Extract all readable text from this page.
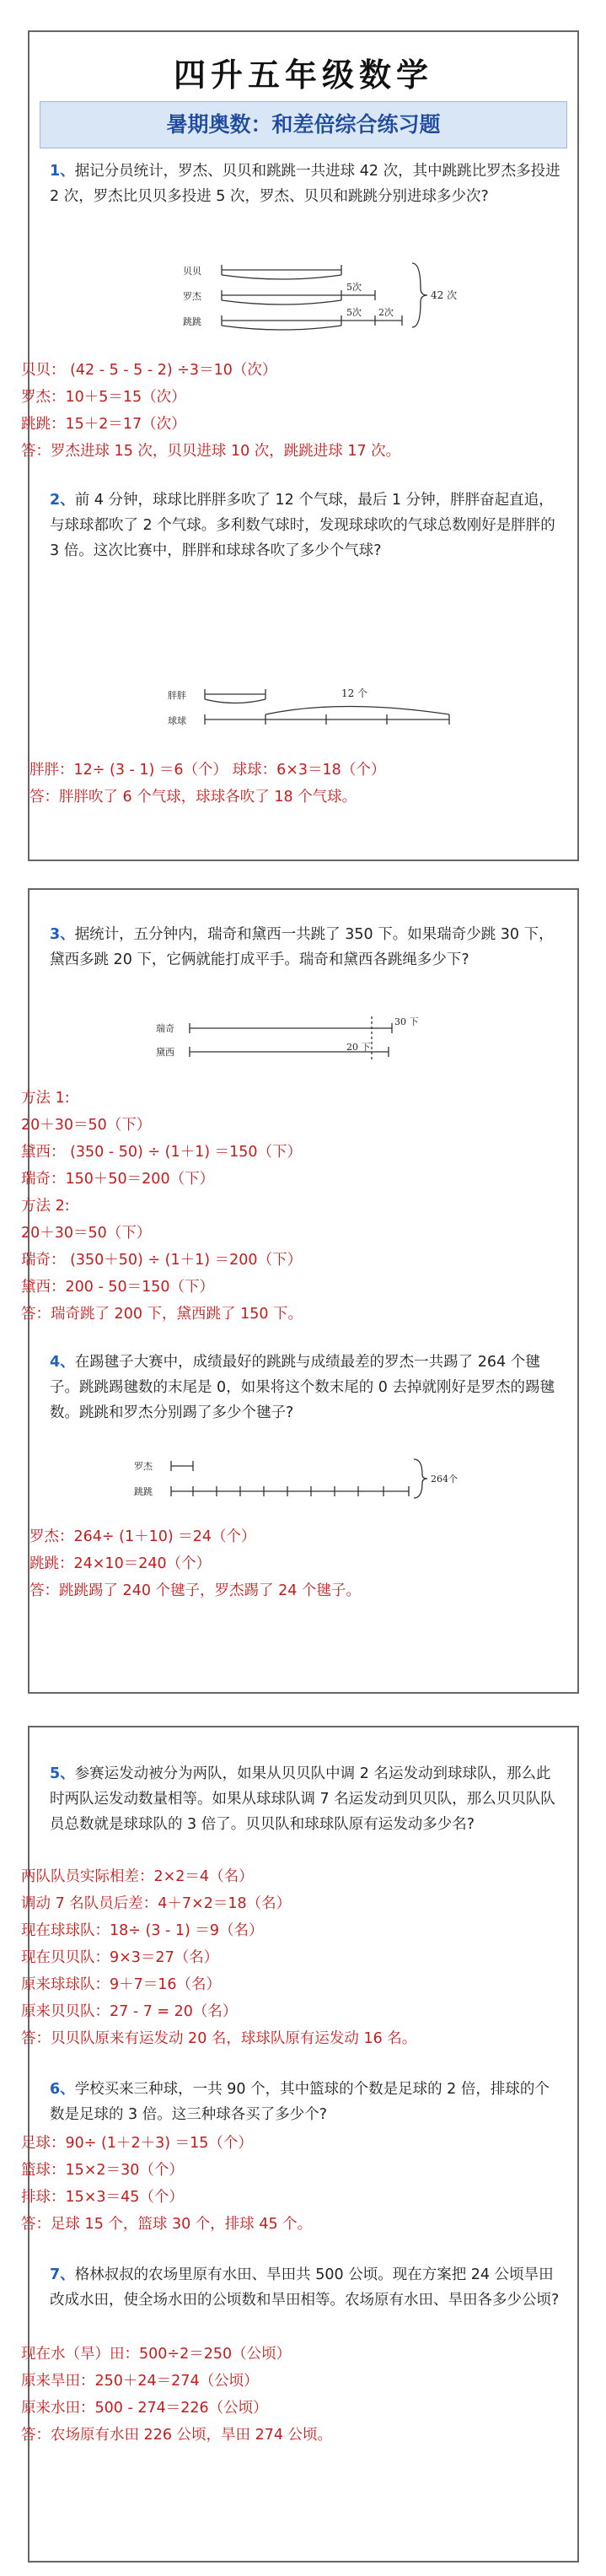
四升五年级数学
暑期奥数：和差倍综合练习题
1、据记分员统计，罗杰、贝贝和跳跳一共进球 42 次，其中跳跳比罗杰多投进 2 次，罗杰比贝贝多投进 5 次，罗杰、贝贝和跳跳分别进球多少次?
贝贝
罗杰
跳跳
5次
5次 2次
42 次
贝贝： (42 - 5 - 5 - 2) ÷3＝10（次）
罗杰：10＋5＝15（次）
跳跳：15＋2＝17（次）
答：罗杰进球 15 次，贝贝进球 10 次，跳跳进球 17 次。
2、前 4 分钟，球球比胖胖多吹了 12 个气球，最后 1 分钟，胖胖奋起直追，与球球都吹了 2 个气球。多利数气球时，发现球球吹的气球总数刚好是胖胖的 3 倍。这次比赛中，胖胖和球球各吹了多少个气球?
胖胖
球球
12 个
胖胖：12÷ (3 - 1) ＝6（个） 球球：6×3＝18（个）
答：胖胖吹了 6 个气球，球球各吹了 18 个气球。
3、据统计，五分钟内，瑞奇和黛西一共跳了 350 下。如果瑞奇少跳 30 下，黛西多跳 20 下，它俩就能打成平手。瑞奇和黛西各跳绳多少下?
瑞奇
黛西
30 下
20 下
方法 1:
20＋30＝50（下）
黛西： (350 - 50) ÷ (1＋1) ＝150（下）
瑞奇：150＋50＝200（下）
方法 2:
20＋30＝50（下）
瑞奇： (350＋50) ÷ (1＋1) ＝200（下）
黛西：200 - 50＝150（下）
答：瑞奇跳了 200 下，黛西跳了 150 下。
4、在踢毽子大赛中，成绩最好的跳跳与成绩最差的罗杰一共踢了 264 个毽子。跳跳踢毽数的末尾是 0，如果将这个数末尾的 0 去掉就刚好是罗杰的踢毽数。跳跳和罗杰分别踢了多少个毽子?
罗杰
跳跳
264个
罗杰：264÷ (1＋10) ＝24（个）
跳跳：24×10＝240（个）
答：跳跳踢了 240 个毽子，罗杰踢了 24 个毽子。
5、参赛运发动被分为两队，如果从贝贝队中调 2 名运发动到球球队，那么此时两队运发动数量相等。如果从球球队调 7 名运发动到贝贝队，那么贝贝队队员总数就是球球队的 3 倍了。贝贝队和球球队原有运发动多少名?
两队队员实际相差：2×2＝4（名）
调动 7 名队员后差：4＋7×2＝18（名）
现在球球队：18÷ (3 - 1) ＝9（名）
现在贝贝队：9×3＝27（名）
原来球球队：9＋7＝16（名）
原来贝贝队：27 - 7 = 20（名）
答：贝贝队原来有运发动 20 名，球球队原有运发动 16 名。
6、学校买来三种球，一共 90 个，其中篮球的个数是足球的 2 倍，排球的个数是足球的 3 倍。这三种球各买了多少个?
足球：90÷ (1＋2＋3) ＝15（个）
篮球：15×2＝30（个）
排球：15×3＝45（个）
答：足球 15 个，篮球 30 个，排球 45 个。
7、格林叔叔的农场里原有水田、旱田共 500 公顷。现在方案把 24 公顷旱田改成水田，使全场水田的公顷数和旱田相等。农场原有水田、旱田各多少公顷?
现在水（旱）田：500÷2＝250（公顷）
原来旱田：250＋24＝274（公顷）
原来水田：500 - 274＝226（公顷）
答：农场原有水田 226 公顷，旱田 274 公顷。
